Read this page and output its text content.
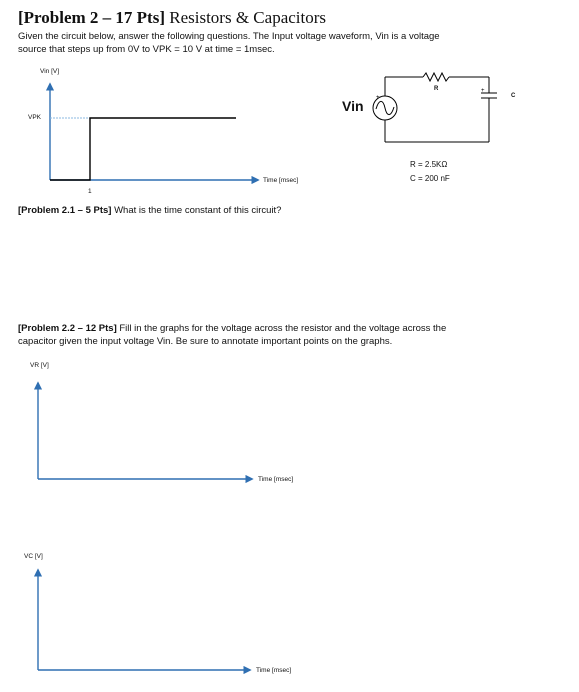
[Problem 2 – 17 Pts] Resistors & Capacitors
Given the circuit below, answer the following questions. The Input voltage waveform, Vin is a voltage
source that steps up from 0V to VPK = 10 V at time = 1msec.
+
+
Vin [V]
VPK
Time [msec]
1
Vin
R
C
R = 2.5KΩ
C = 200 nF
[Problem 2.1 – 5 Pts] What is the time constant of this circuit?
[Problem 2.2 – 12 Pts] Fill in the graphs for the voltage across the resistor and the voltage across the
capacitor given the input voltage Vin. Be sure to annotate important points on the graphs.
VR [V]
Time [msec]
VC [V]
Time [msec]
